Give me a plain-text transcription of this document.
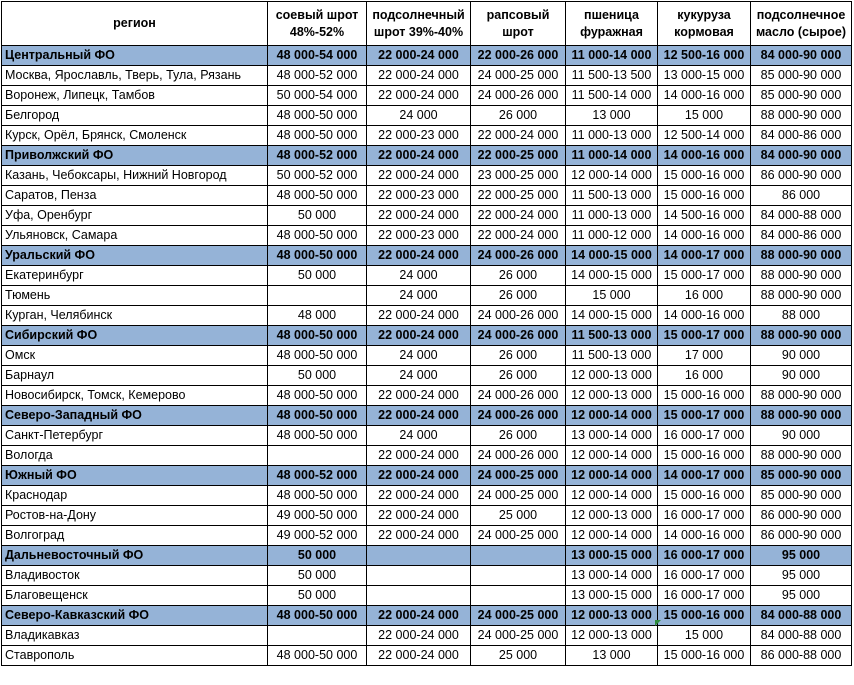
регион	соевый шрот 48%-52%	подсолнечный шрот 39%-40%	рапсовый шрот	пшеница фуражная	кукуруза кормовая	подсолнечное масло (сырое)
Центральный ФО	48 000-54 000	22 000-24 000	22 000-26 000	11 000-14 000	12 500-16 000	84 000-90 000
Москва, Ярославль, Тверь, Тула, Рязань	48 000-52 000	22 000-24 000	24 000-25 000	11 500-13 500	13 000-15 000	85 000-90 000
Воронеж, Липецк, Тамбов	50 000-54 000	22 000-24 000	24 000-26 000	11 500-14 000	14 000-16 000	85 000-90 000
Белгород	48 000-50 000	24 000	26 000	13 000	15 000	88 000-90 000
Курск, Орёл, Брянск, Смоленск	48 000-50 000	22 000-23 000	22 000-24 000	11 000-13 000	12 500-14 000	84 000-86 000
Приволжский ФО	48 000-52 000	22 000-24 000	22 000-25 000	11 000-14 000	14 000-16 000	84 000-90 000
Казань, Чебоксары, Нижний Новгород	50 000-52 000	22 000-24 000	23 000-25 000	12 000-14 000	15 000-16 000	86 000-90 000
Саратов, Пенза	48 000-50 000	22 000-23 000	22 000-25 000	11 500-13 000	15 000-16 000	86 000
Уфа, Оренбург	50 000	22 000-24 000	22 000-24 000	11 000-13 000	14 500-16 000	84 000-88 000
Ульяновск, Самара	48 000-50 000	22 000-23 000	22 000-24 000	11 000-12 000	14 000-16 000	84 000-86 000
Уральский ФО	48 000-50 000	22 000-24 000	24 000-26 000	14 000-15 000	14 000-17 000	88 000-90 000
Екатеринбург	50 000	24 000	26 000	14 000-15 000	15 000-17 000	88 000-90 000
Тюмень		24 000	26 000	15 000	16 000	88 000-90 000
Курган, Челябинск	48 000	22 000-24 000	24 000-26 000	14 000-15 000	14 000-16 000	88 000
Сибирский ФО	48 000-50 000	22 000-24 000	24 000-26 000	11 500-13 000	15 000-17 000	88 000-90 000
Омск	48 000-50 000	24 000	26 000	11 500-13 000	17 000	90 000
Барнаул	50 000	24 000	26 000	12 000-13 000	16 000	90 000
Новосибирск, Томск, Кемерово	48 000-50 000	22 000-24 000	24 000-26 000	12 000-13 000	15 000-16 000	88 000-90 000
Северо-Западный ФО	48 000-50 000	22 000-24 000	24 000-26 000	12 000-14 000	15 000-17 000	88 000-90 000
Санкт-Петербург	48 000-50 000	24 000	26 000	13 000-14 000	16 000-17 000	90 000
Вологда		22 000-24 000	24 000-26 000	12 000-14 000	15 000-16 000	88 000-90 000
Южный ФО	48 000-52 000	22 000-24 000	24 000-25 000	12 000-14 000	14 000-17 000	85 000-90 000
Краснодар	48 000-50 000	22 000-24 000	24 000-25 000	12 000-14 000	15 000-16 000	85 000-90 000
Ростов-на-Дону	49 000-50 000	22 000-24 000	25 000	12 000-13 000	16 000-17 000	86 000-90 000
Волгоград	49 000-52 000	22 000-24 000	24 000-25 000	12 000-14 000	14 000-16 000	86 000-90 000
Дальневосточный ФО	50 000			13 000-15 000	16 000-17 000	95 000
Владивосток	50 000			13 000-14 000	16 000-17 000	95 000
Благовещенск	50 000			13 000-15 000	16 000-17 000	95 000
Северо-Кавказский ФО	48 000-50 000	22 000-24 000	24 000-25 000	12 000-13 000	15 000-16 000	84 000-88 000
Владикавказ		22 000-24 000	24 000-25 000	12 000-13 000	15 000	84 000-88 000
Ставрополь	48 000-50 000	22 000-24 000	25 000	13 000	15 000-16 000	86 000-88 000
